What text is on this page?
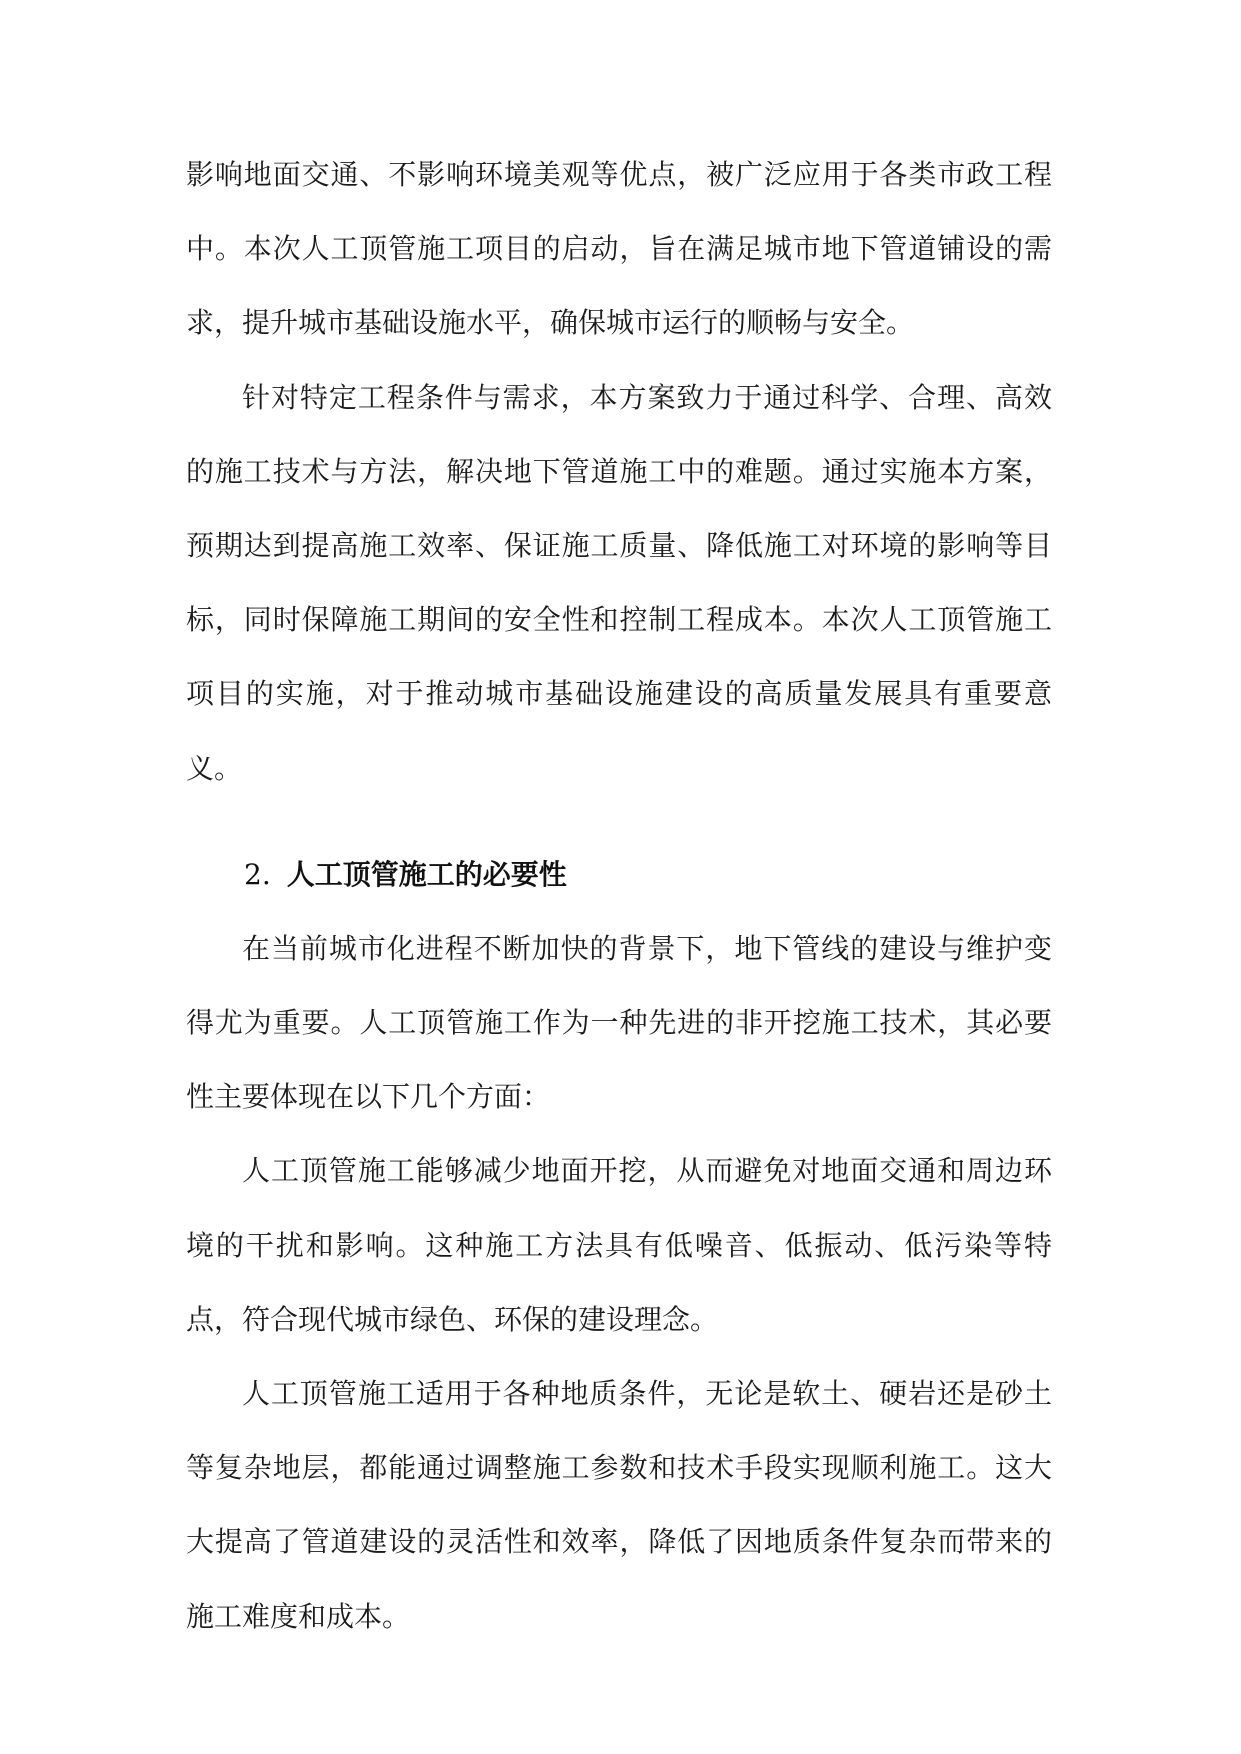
影响地面交通、不影响环境美观等优点，被广泛应用于各类市政工程中。本次人工顶管施工项目的启动，旨在满足城市地下管道铺设的需求，提升城市基础设施水平，确保城市运行的顺畅与安全。

针对特定工程条件与需求，本方案致力于通过科学、合理、高效的施工技术与方法，解决地下管道施工中的难题。通过实施本方案，预期达到提高施工效率、保证施工质量、降低施工对环境的影响等目标，同时保障施工期间的安全性和控制工程成本。本次人工顶管施工项目的实施，对于推动城市基础设施建设的高质量发展具有重要意义。

2. 人工顶管施工的必要性

在当前城市化进程不断加快的背景下，地下管线的建设与维护变得尤为重要。人工顶管施工作为一种先进的非开挖施工技术，其必要性主要体现在以下几个方面：

人工顶管施工能够减少地面开挖，从而避免对地面交通和周边环境的干扰和影响。这种施工方法具有低噪音、低振动、低污染等特点，符合现代城市绿色、环保的建设理念。

人工顶管施工适用于各种地质条件，无论是软土、硬岩还是砂土等复杂地层，都能通过调整施工参数和技术手段实现顺利施工。这大大提高了管道建设的灵活性和效率，降低了因地质条件复杂而带来的施工难度和成本。
